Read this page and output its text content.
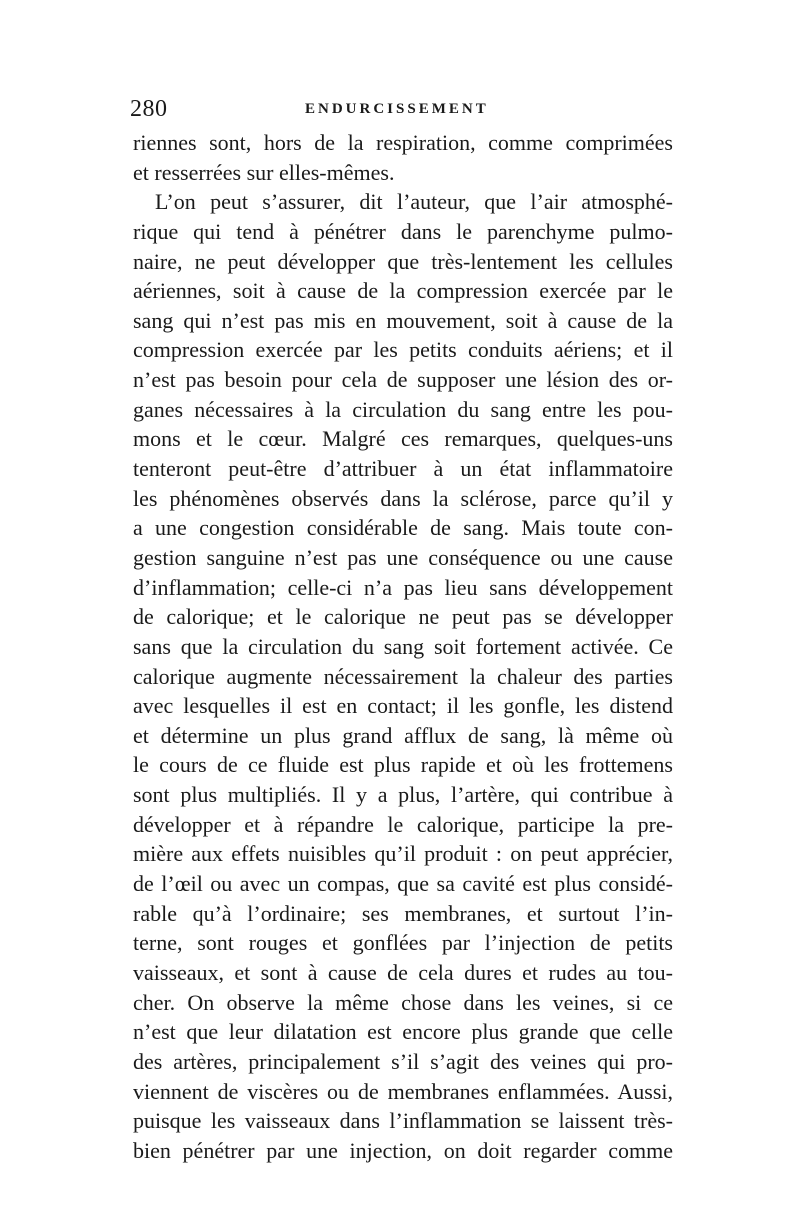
280	ENDURCISSEMENT
riennes sont, hors de la respiration, comme comprimées
et resserrées sur elles-mêmes.
L’on peut s’assurer, dit l’auteur, que l’air atmosphé-
rique qui tend à pénétrer dans le parenchyme pulmo-
naire, ne peut développer que très-lentement les cellules
aériennes, soit à cause de la compression exercée par le
sang qui n’est pas mis en mouvement, soit à cause de la
compression exercée par les petits conduits aériens; et il
n’est pas besoin pour cela de supposer une lésion des or-
ganes nécessaires à la circulation du sang entre les pou-
mons et le cœur. Malgré ces remarques, quelques-uns
tenteront peut-être d’attribuer à un état inflammatoire
les phénomènes observés dans la sclérose, parce qu’il y
a une congestion considérable de sang. Mais toute con-
gestion sanguine n’est pas une conséquence ou une cause
d’inflammation; celle-ci n’a pas lieu sans développement
de calorique; et le calorique ne peut pas se développer
sans que la circulation du sang soit fortement activée. Ce
calorique augmente nécessairement la chaleur des parties
avec lesquelles il est en contact; il les gonfle, les distend
et détermine un plus grand afflux de sang, là même où
le cours de ce fluide est plus rapide et où les frottemens
sont plus multipliés. Il y a plus, l’artère, qui contribue à
développer et à répandre le calorique, participe la pre-
mière aux effets nuisibles qu’il produit : on peut apprécier,
de l’œil ou avec un compas, que sa cavité est plus considé-
rable qu’à l’ordinaire; ses membranes, et surtout l’in-
terne, sont rouges et gonflées par l’injection de petits
vaisseaux, et sont à cause de cela dures et rudes au tou-
cher. On observe la même chose dans les veines, si ce
n’est que leur dilatation est encore plus grande que celle
des artères, principalement s’il s’agit des veines qui pro-
viennent de viscères ou de membranes enflammées. Aussi,
puisque les vaisseaux dans l’inflammation se laissent très-
bien pénétrer par une injection, on doit regarder comme
